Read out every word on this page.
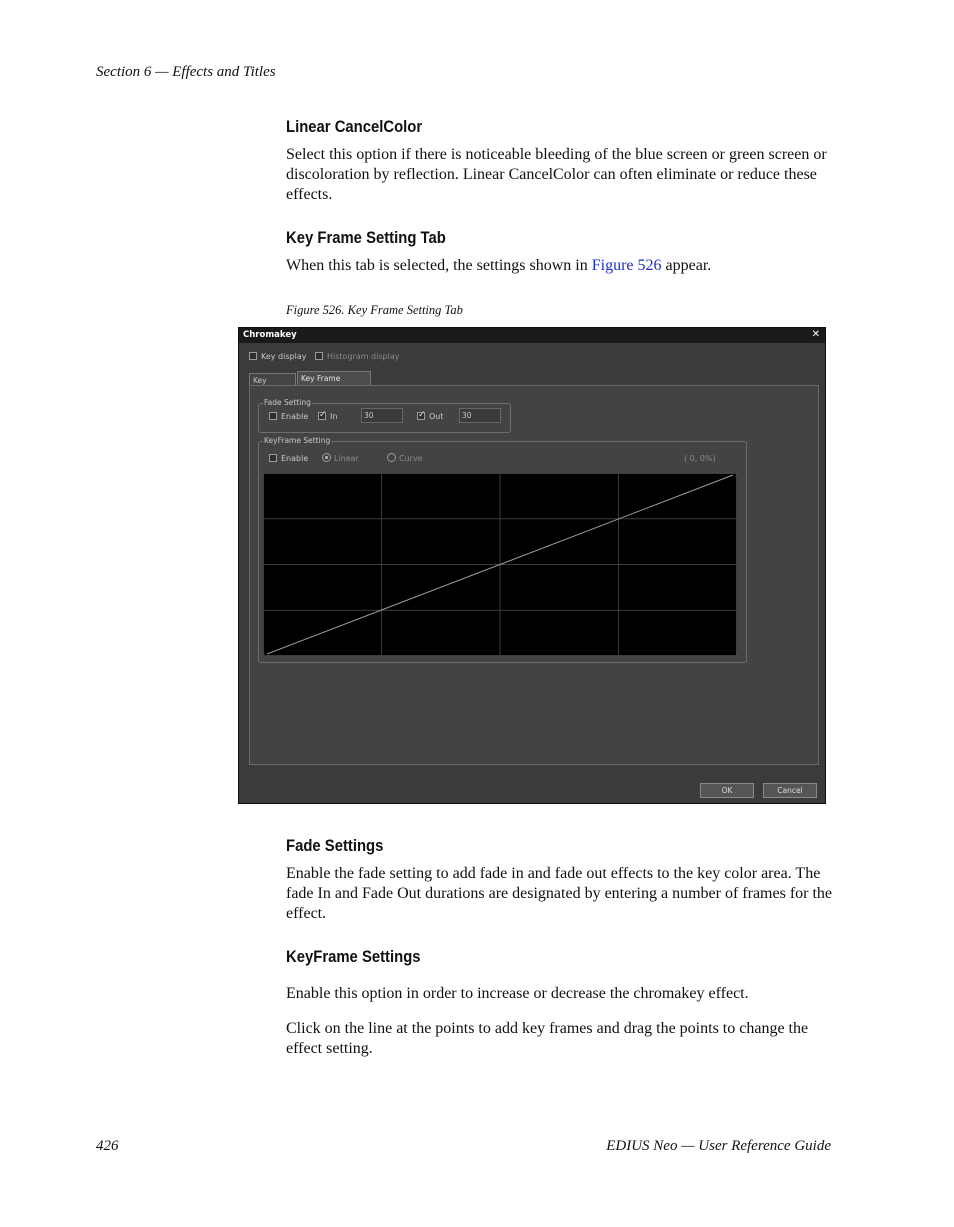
Section 6 — Effects and Titles
Linear CancelColor
Select this option if there is noticeable bleeding of the blue screen or green screen or discoloration by reflection. Linear CancelColor can often eliminate or reduce these effects.
Key Frame Setting Tab
When this tab is selected, the settings shown in Figure 526 appear.
Figure 526. Key Frame Setting Tab
Chromakey	✕
Key display	Histogram display
Key	Key Frame
Fade Setting
Enable ✓	In	30 ✓	Out	30
KeyFrame Setting
Enable	Linear	Curve	( 0, 0%)
OK	Cancel
Fade Settings
Enable the fade setting to add fade in and fade out effects to the key color area. The fade In and Fade Out durations are designated by entering a number of frames for the effect.
KeyFrame Settings
Enable this option in order to increase or decrease the chromakey effect.
Click on the line at the points to add key frames and drag the points to change the effect setting.
426	EDIUS Neo — User Reference Guide
